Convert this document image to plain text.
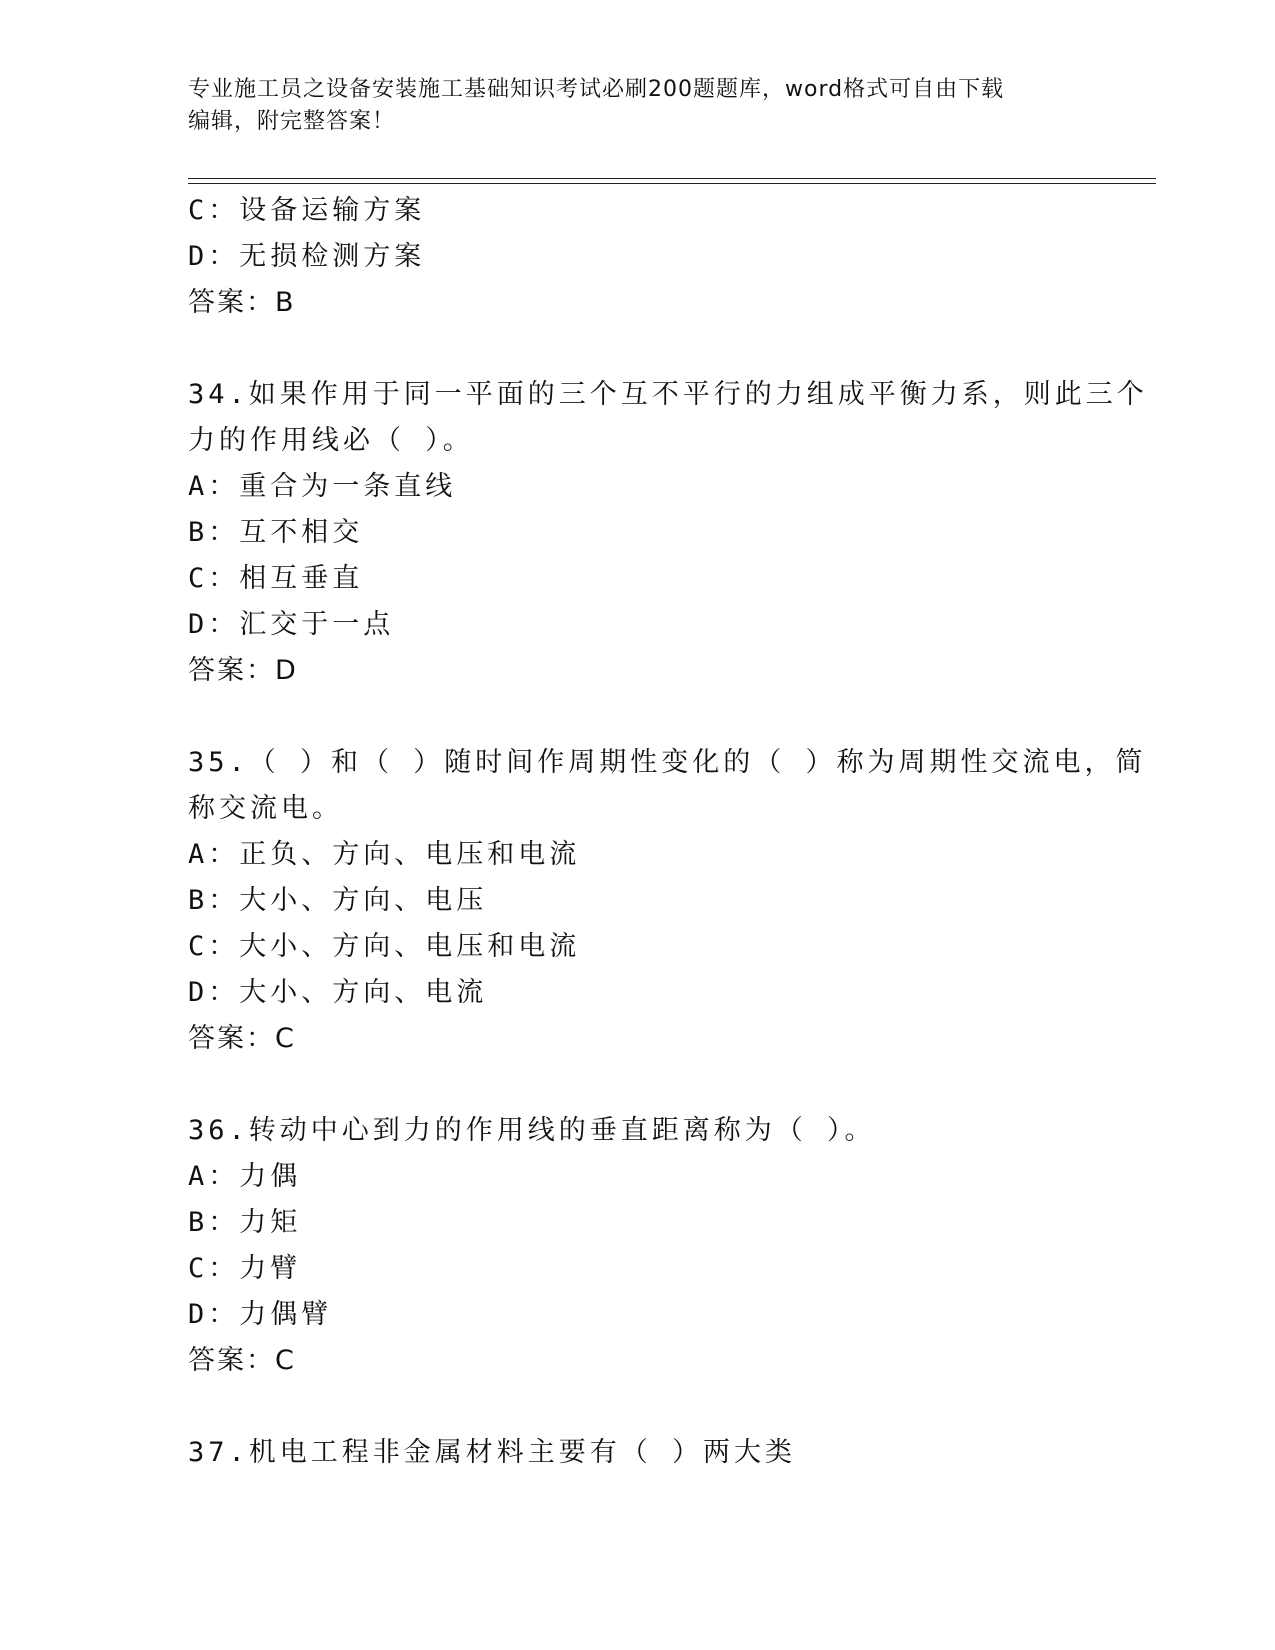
专业施工员之设备安装施工基础知识考试必刷200题题库，word格式可自由下载
编辑，附完整答案！
C：设备运输方案
D：无损检测方案
答案：B
34.如果作用于同一平面的三个互不平行的力组成平衡力系，则此三个
力的作用线必（ ）。
A：重合为一条直线
B：互不相交
C：相互垂直
D：汇交于一点
答案：D
35.（ ）和（ ）随时间作周期性变化的（ ）称为周期性交流电，简
称交流电。
A：正负、方向、电压和电流
B：大小、方向、电压
C：大小、方向、电压和电流
D：大小、方向、电流
答案：C
36.转动中心到力的作用线的垂直距离称为（ ）。
A：力偶
B：力矩
C：力臂
D：力偶臂
答案：C
37.机电工程非金属材料主要有（ ）两大类
